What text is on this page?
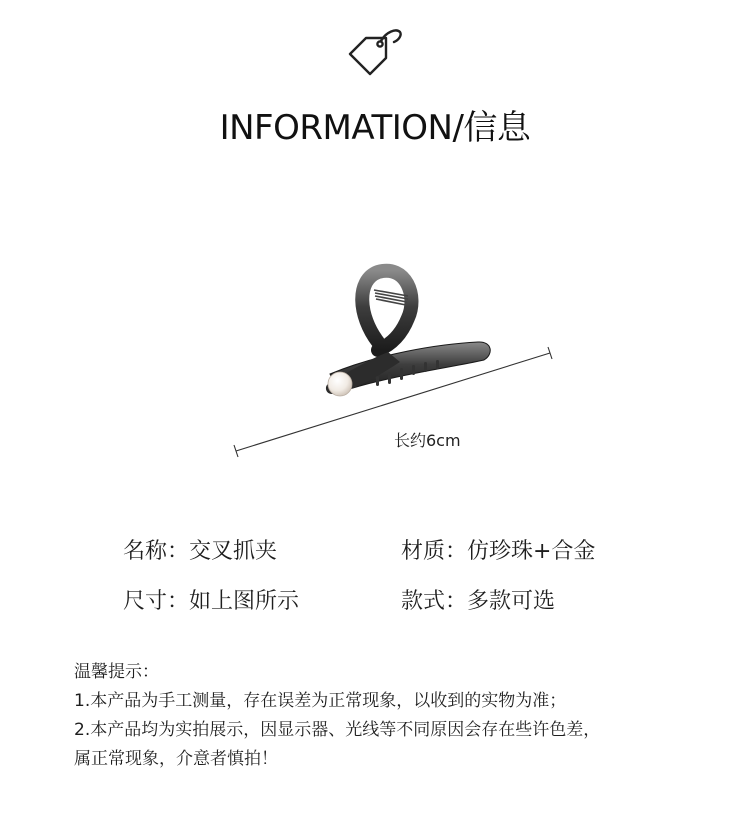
INFORMATION/信息
长约6cm
名称：交叉抓夹	材质：仿珍珠+合金
尺寸：如上图所示	款式：多款可选
温馨提示：
1.本产品为手工测量，存在误差为正常现象，以收到的实物为准；
2.本产品均为实拍展示，因显示器、光线等不同原因会存在些许色差，
属正常现象，介意者慎拍！
